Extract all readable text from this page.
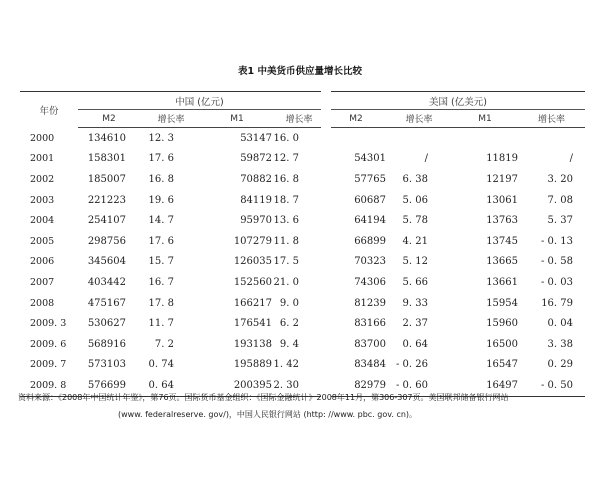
表1 中美货币供应量增长比较
年份	中国 (亿元)				美国 (亿美元)			
	M2	增长率	M1	增长率	M2	增长率	M1	增长率
2000	134610	12. 3	53147	16. 0				
2001	158301	17. 6	59872	12. 7	54301	/	11819	/
2002	185007	16. 8	70882	16. 8	57765	6. 38	12197	3. 20
2003	221223	19. 6	84119	18. 7	60687	5. 06	13061	7. 08
2004	254107	14. 7	95970	13. 6	64194	5. 78	13763	5. 37
2005	298756	17. 6	107279	11. 8	66899	4. 21	13745	- 0. 13
2006	345604	15. 7	126035	17. 5	70323	5. 12	13665	- 0. 58
2007	403442	16. 7	152560	21. 0	74306	5. 66	13661	- 0. 03
2008	475167	17. 8	166217	9. 0	81239	9. 33	15954	16. 79
2009. 3	530627	11. 7	176541	6. 2	83166	2. 37	15960	0. 04
2009. 6	568916	7. 2	193138	9. 4	83700	0. 64	16500	3. 38
2009. 7	573103	0. 74	195889	1. 42	83484	- 0. 26	16547	0. 29
2009. 8	576699	0. 64	200395	2. 30	82979	- 0. 60	16497	- 0. 50
资料来源：《2008年中国统计年鉴》，第76页。国际货币基金组织：《国际金融统计》2008年11月，第306-307页。美国联邦储备银行网站
(www. federalreserve. gov/)，中国人民银行网站 (http: //www. pbc. gov. cn)。
